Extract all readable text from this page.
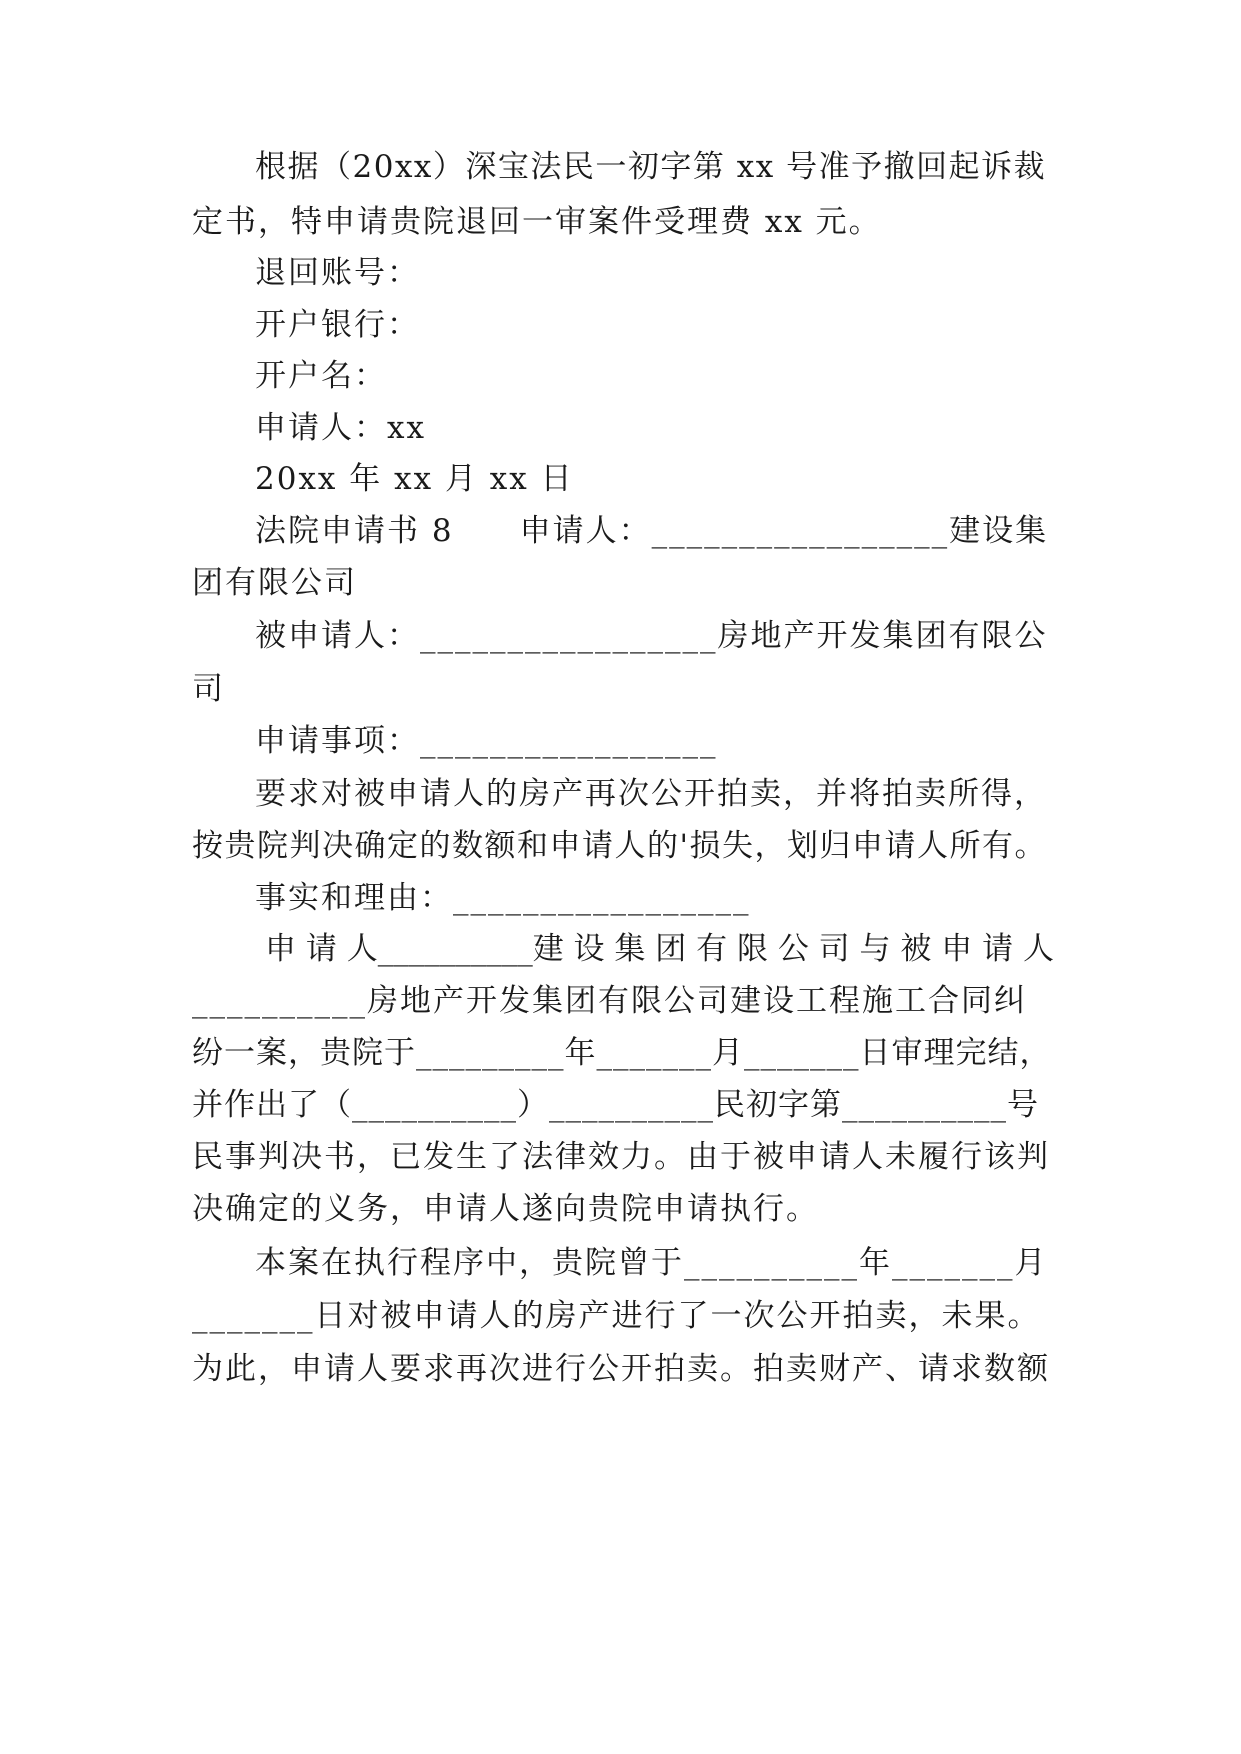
根据（20xx）深宝法民一初字第 xx 号准予撤回起诉裁
定书，特申请贵院退回一审案件受理费 xx 元。
退回账号：
开户银行：
开户名：
申请人：xx
20xx 年 xx 月 xx 日
法院申请书 8　　申请人：_________________建设集
团有限公司
被申请人：_________________房地产开发集团有限公
司
申请事项：_________________
要求对被申请人的房产再次公开拍卖，并将拍卖所得，
按贵院判决确定的数额和申请人的'损失，划归申请人所有。
事实和理由：_________________
申 请 人__________建 设 集 团 有 限 公 司 与 被 申 请 人
__________房地产开发集团有限公司建设工程施工合同纠
纷一案，贵院于_________年_______月_______日审理完结，
并作出了（__________）__________民初字第__________号
民事判决书，已发生了法律效力。由于被申请人未履行该判
决确定的义务，申请人遂向贵院申请执行。
本案在执行程序中，贵院曾于__________年_______月
_______日对被申请人的房产进行了一次公开拍卖，未果。
为此，申请人要求再次进行公开拍卖。拍卖财产、请求数额
